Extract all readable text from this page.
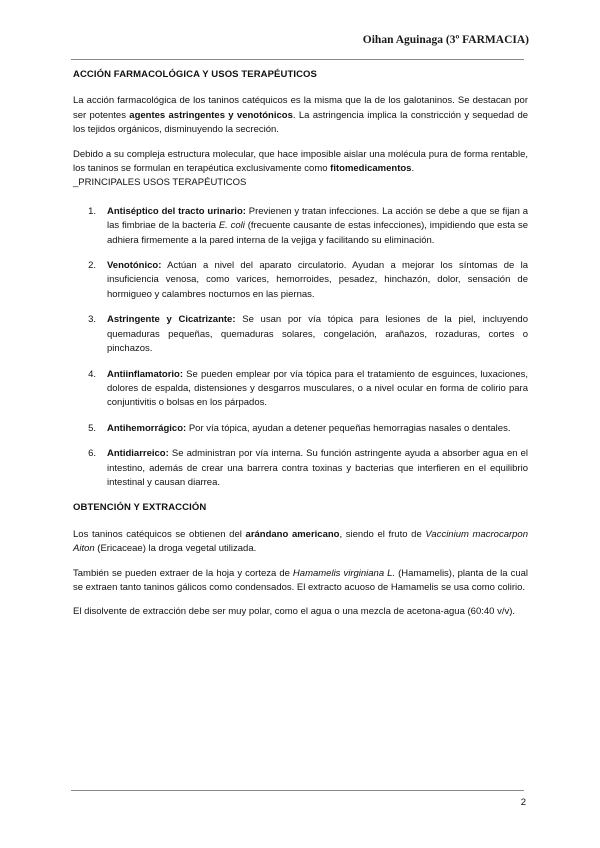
Oihan Aguinaga (3º FARMACIA)
ACCIÓN FARMACOLÓGICA Y USOS TERAPÉUTICOS

La acción farmacológica de los taninos catéquicos es la misma que la de los galotaninos. Se destacan por ser potentes agentes astringentes y venotónicos. La astringencia implica la constricción y sequedad de los tejidos orgánicos, disminuyendo la secreción.

Debido a su compleja estructura molecular, que hace imposible aislar una molécula pura de forma rentable, los taninos se formulan en terapéutica exclusivamente como fitomedicamentos.

_PRINCIPALES USOS TERAPÉUTICOS

1.	Antiséptico del tracto urinario: Previenen y tratan infecciones. La acción se debe a que se fijan a las fimbriae de la bacteria E. coli (frecuente causante de estas infecciones), impidiendo que esta se adhiera firmemente a la pared interna de la vejiga y facilitando su eliminación.
2.	Venotónico: Actúan a nivel del aparato circulatorio. Ayudan a mejorar los síntomas de la insuficiencia venosa, como varices, hemorroides, pesadez, hinchazón, dolor, sensación de hormigueo y calambres nocturnos en las piernas.
3.	Astringente y Cicatrizante: Se usan por vía tópica para lesiones de la piel, incluyendo quemaduras pequeñas, quemaduras solares, congelación, arañazos, rozaduras, cortes o pinchazos.
4.	Antiinflamatorio: Se pueden emplear por vía tópica para el tratamiento de esguinces, luxaciones, dolores de espalda, distensiones y desgarros musculares, o a nivel ocular en forma de colirio para conjuntivitis o bolsas en los párpados.
5.	Antihemorrágico: Por vía tópica, ayudan a detener pequeñas hemorragias nasales o dentales.
6.	Antidiarreico: Se administran por vía interna. Su función astringente ayuda a absorber agua en el intestino, además de crear una barrera contra toxinas y bacterias que interfieren en el equilibrio intestinal y causan diarrea.
OBTENCIÓN Y EXTRACCIÓN

Los taninos catéquicos se obtienen del arándano americano, siendo el fruto de Vaccinium macrocarpon Aiton (Ericaceae) la droga vegetal utilizada.

También se pueden extraer de la hoja y corteza de Hamamelis virginiana L. (Hamamelis), planta de la cual se extraen tanto taninos gálicos como condensados. El extracto acuoso de Hamamelis se usa como colirio.

El disolvente de extracción debe ser muy polar, como el agua o una mezcla de acetona-agua (60:40 v/v).

2
